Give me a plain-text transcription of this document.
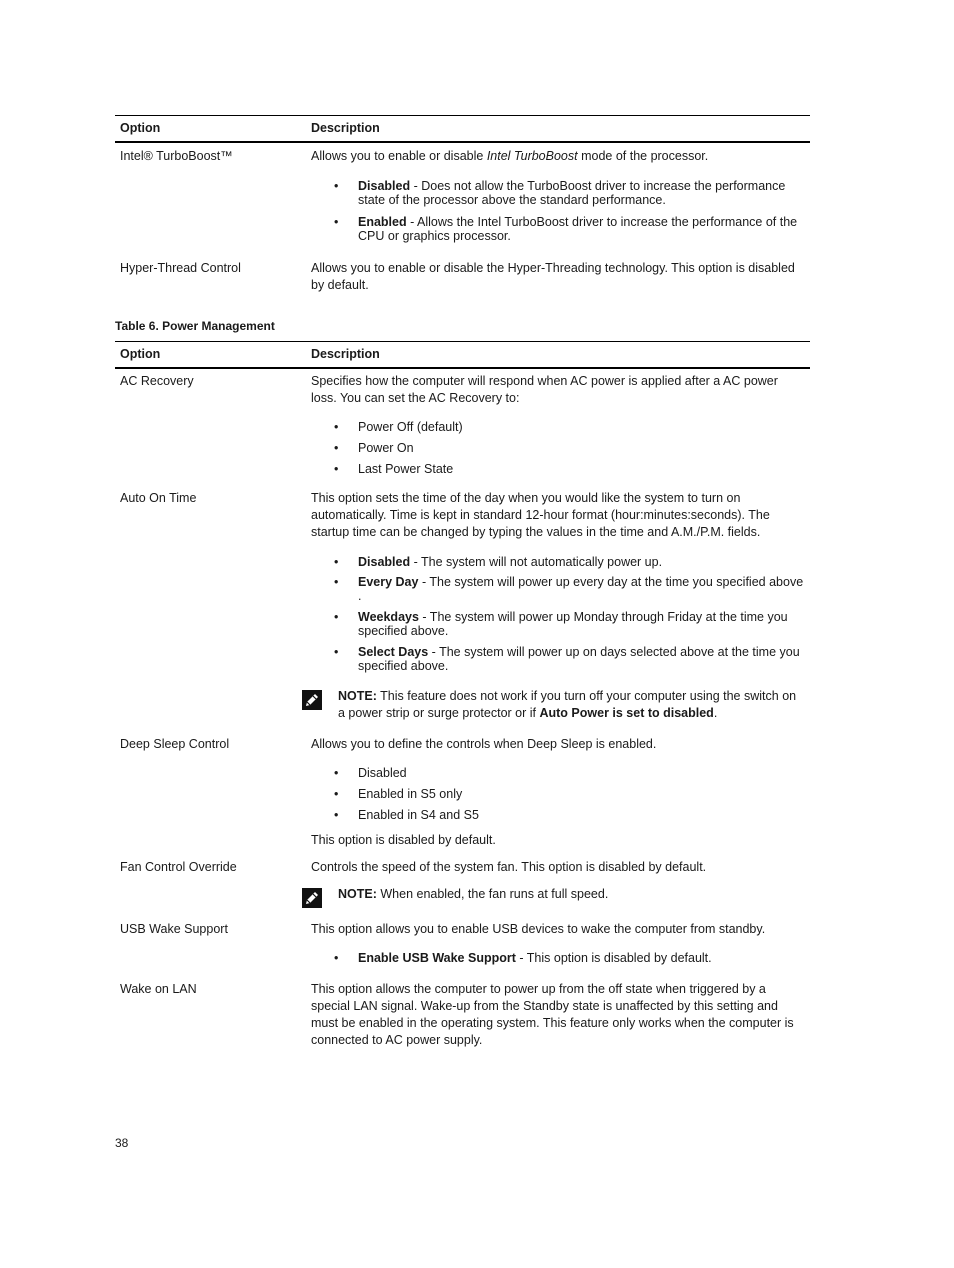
Option	Description
Intel® TurboBoost™	Allows you to enable or disable Intel TurboBoost mode of the processor.

• Disabled - Does not allow the TurboBoost driver to increase the performance state of the processor above the standard performance.
• Enabled - Allows the Intel TurboBoost driver to increase the performance of the CPU or graphics processor.
Hyper-Thread Control	Allows you to enable or disable the Hyper-Threading technology. This option is disabled by default.

Table 6. Power Management
Option	Description
AC Recovery	Specifies how the computer will respond when AC power is applied after a AC power loss. You can set the AC Recovery to:

• Power Off (default)
• Power On
• Last Power State
Auto On Time	This option sets the time of the day when you would like the system to turn on automatically. Time is kept in standard 12-hour format (hour:minutes:seconds). The startup time can be changed by typing the values in the time and A.M./P.M. fields.

• Disabled - The system will not automatically power up.
• Every Day - The system will power up every day at the time you specified above .
• Weekdays - The system will power up Monday through Friday at the time you specified above.
• Select Days - The system will power up on days selected above at the time you specified above.
NOTE: This feature does not work if you turn off your computer using the switch on a power strip or surge protector or if Auto Power is set to disabled.
Deep Sleep Control	Allows you to define the controls when Deep Sleep is enabled.

• Disabled
• Enabled in S5 only
• Enabled in S4 and S5

This option is disabled by default.

Fan Control Override	Controls the speed of the system fan. This option is disabled by default.

NOTE: When enabled, the fan runs at full speed.
USB Wake Support	This option allows you to enable USB devices to wake the computer from standby.

• Enable USB Wake Support - This option is disabled by default.
Wake on LAN	This option allows the computer to power up from the off state when triggered by a special LAN signal. Wake-up from the Standby state is unaffected by this setting and must be enabled in the operating system. This feature only works when the computer is connected to AC power supply.

38
